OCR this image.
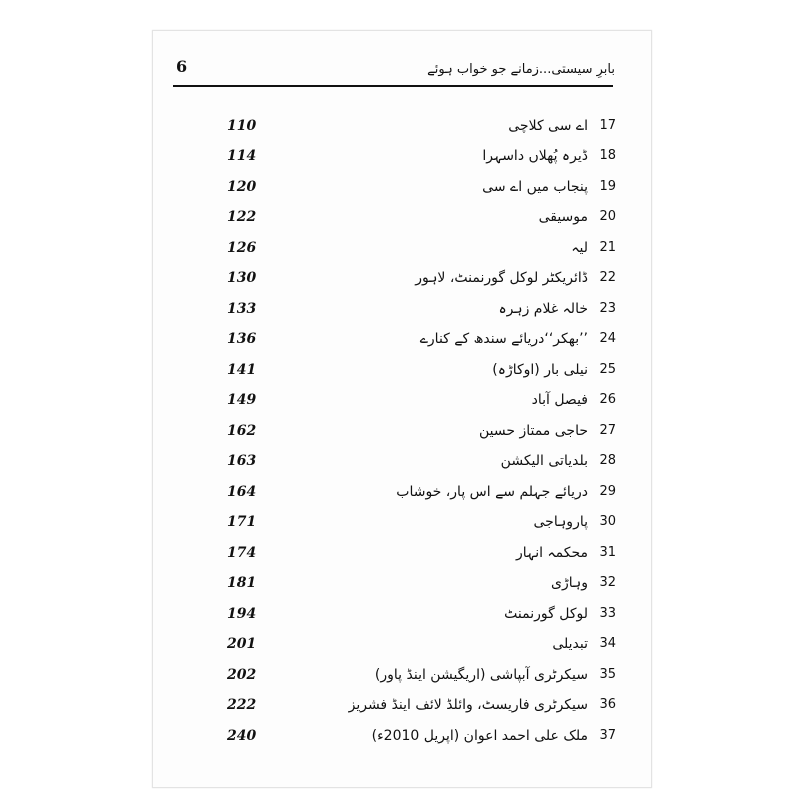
6	بابرِ سیستی...زمانے جو خواب ہوئے
110	اے سی کلاچی 17
114	ڈیرہ پُھلاں داسہرا 18
120	پنجاب میں اے سی 19
122	موسیقی 20
126	لیہ 21
130	ڈائریکٹر لوکل گورنمنٹ، لاہور 22
133	خالہ غلام زہرہ 23
136	’’بھکر‘‘دریائے سندھ کے کنارے 24
141	نیلی بار (اوکاڑہ) 25
149	فیصل آباد 26
162	حاجی ممتاز حسین 27
163	بلدیاتی الیکشن 28
164	دریائے جہلم سے اس پار، خوشاب 29
171	پاروہاجی 30
174	محکمہ انہار 31
181	وہاڑی 32
194	لوکل گورنمنٹ 33
201	تبدیلی 34
202	سیکرٹری آبپاشی (اریگیشن اینڈ پاور) 35
222	سیکرٹری فاریسٹ، وائلڈ لائف اینڈ فشریز 36
240	ملک علی احمد اعوان (اپریل 2010ء) 37
